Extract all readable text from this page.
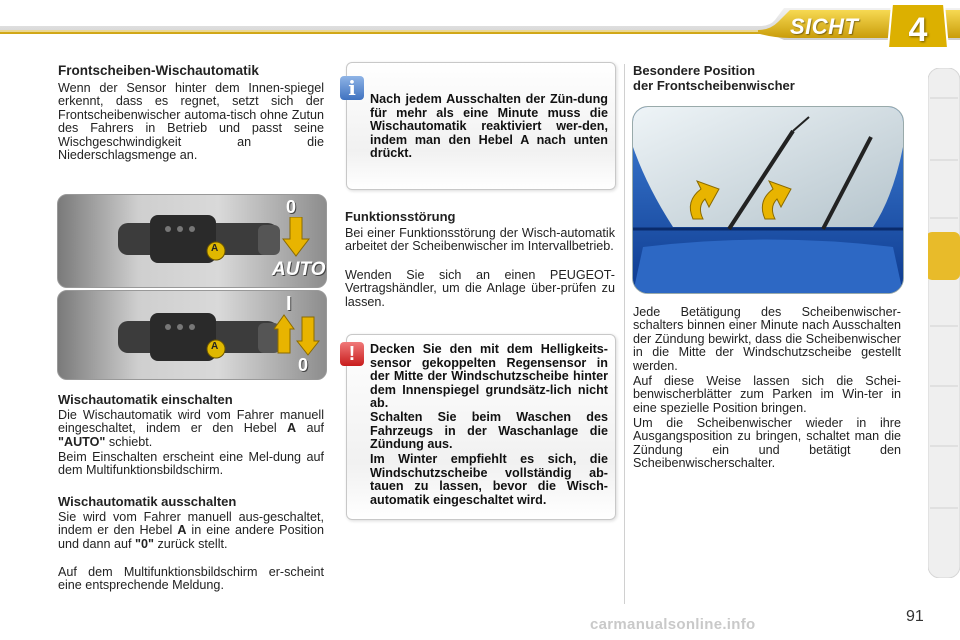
SICHT	4
Frontscheiben-Wischautomatik
Wenn der Sensor hinter dem Innen-spiegel erkennt, dass es regnet, setzt sich der Frontscheibenwischer automa-tisch ohne Zutun des Fahrers in Betrieb und passt seine Wischgeschwindigkeit an die Niederschlagsmenge an.
A
0
AUTO
A
I
0
Wischautomatik einschalten
Die Wischautomatik wird vom Fahrer manuell eingeschaltet, indem er den Hebel A auf "AUTO" schiebt.
Beim Einschalten erscheint eine Mel-dung auf dem Multifunktionsbildschirm.
Wischautomatik ausschalten
Sie wird vom Fahrer manuell aus-geschaltet, indem er den Hebel A in eine andere Position und dann auf "0" zurück stellt.
Auf dem Multifunktionsbildschirm er-scheint eine entsprechende Meldung.
i	Nach jedem Ausschalten der Zün-dung für mehr als eine Minute muss die Wischautomatik reaktiviert wer-den, indem man den Hebel A nach unten drückt.
Funktionsstörung
Bei einer Funktionsstörung der Wisch-automatik arbeitet der Scheibenwischer im Intervallbetrieb.
Wenden Sie sich an einen PEUGEOT-Vertragshändler, um die Anlage über-prüfen zu lassen.
!	Decken Sie den mit dem Helligkeits-sensor gekoppelten Regensensor in der Mitte der Windschutzscheibe hinter dem Innenspiegel grundsätz-lich nicht ab.
Schalten Sie beim Waschen des Fahrzeugs in der Waschanlage die Zündung aus.
Im Winter empfiehlt es sich, die Windschutzscheibe vollständig ab-tauen zu lassen, bevor die Wisch-automatik eingeschaltet wird.
Besondere Position
der Frontscheibenwischer
Jede Betätigung des Scheibenwischer-schalters binnen einer Minute nach Ausschalten der Zündung bewirkt, dass die Scheibenwischer in die Mitte der Windschutzscheibe gestellt werden.
Auf diese Weise lassen sich die Schei-benwischerblätter zum Parken im Win-ter in eine spezielle Position bringen.
Um die Scheibenwischer wieder in ihre Ausgangsposition zu bringen, schaltet man die Zündung ein und betätigt den Scheibenwischerschalter.
carmanualsonline.info	91
